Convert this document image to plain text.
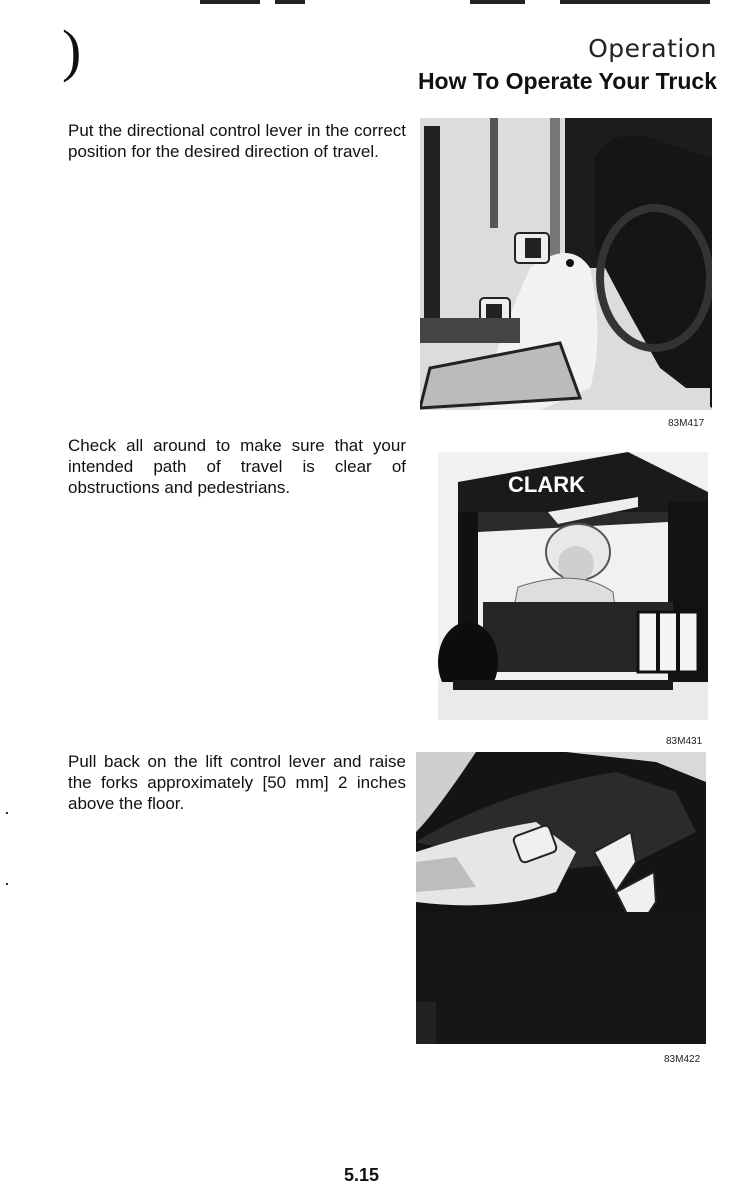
)	Operation
How To Operate Your Truck
Put the directional control lever in the correct position for the desired direction of travel.
83M417
Check all around to make sure that your intended path of travel is clear of obstructions and pedestrians.	CLARK
83M431
Pull back on the lift control lever and raise the forks approximately [50 mm] 2 inches above the floor.
83M422
5.15
